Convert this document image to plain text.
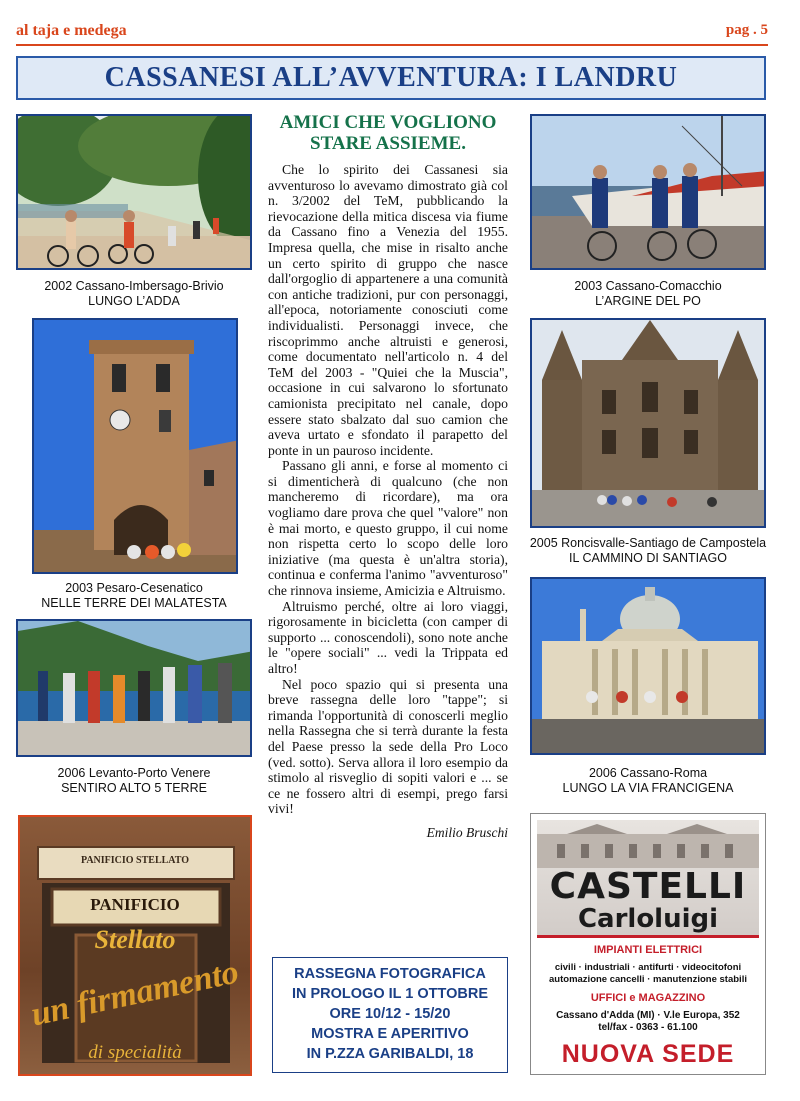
al taja e medega	pag . 5
CASSANESI ALL’AVVENTURA: I LANDRU
2002 Cassano-Imbersago-Brivio
LUNGO L’ADDA
2003 Pesaro-Cesenatico
NELLE TERRE DEI MALATESTA
2006 Levanto-Porto Venere
SENTIRO ALTO 5 TERRE
PANIFICIO STELLATO
PANIFICIO
Stellato
un firmamento
di specialità
AMICI CHE VOGLIONO
STARE ASSIEME.

Che lo spirito dei Cassanesi sia avventuroso lo avevamo dimostrato già col n. 3/2002 del TeM, pubblicando la rievocazione della mitica discesa via fiume da Cassano fino a Venezia del 1955. Impresa quella, che mise in risalto anche un certo spirito di gruppo che nasce dall'orgoglio di appartenere a una comunità con antiche tradizioni, pur con personaggi, all'epoca, notoriamente conosciuti come individualisti. Personaggi invece, che riscoprimmo anche altruisti e generosi, come documentato nell'articolo n. 4 del TeM del 2003 - "Quiei che la Muscia", occasione in cui salvarono lo sfortunato camionista precipitato nel canale, dopo essere stato sbalzato dal suo camion che aveva urtato e sfondato il parapetto del ponte in un pauroso incidente.

Passano gli anni, e forse al momento ci si dimenticherà di qualcuno (che non mancheremo di ricordare), ma ora vogliamo dare prova che quel "valore" non è mai morto, e questo gruppo, il cui nome non rispetta certo lo scopo delle loro iniziative (ma questa è un'altra storia), continua e conferma l'animo "avventuroso" che rinnova insieme, Amicizia e Altruismo.

Altruismo perché, oltre ai loro viaggi, rigorosamente in bicicletta (con camper di supporto ... conoscendoli), sono note anche le "opere sociali" ... vedi la Trippata ed altro!

Nel poco spazio qui si presenta una breve rassegna delle loro "tappe"; si rimanda l'opportunità di conoscerli meglio nella Rassegna che si terrà durante la festa del Paese presso la sede della Pro Loco (ved. sotto). Serva allora il loro esempio da stimolo al risveglio di sopiti valori e ... se ce ne fossero altri di esempi, prego farsi vivi!

Emilio Bruschi
RASSEGNA FOTOGRAFICA
IN PROLOGO IL 1 OTTOBRE
ORE 10/12 - 15/20
MOSTRA E APERITIVO
IN P.ZZA GARIBALDI, 18
2003 Cassano-Comacchio
L’ARGINE DEL PO
2005 Roncisvalle-Santiago de Campostela
IL CAMMINO DI SANTIAGO
2006 Cassano-Roma
LUNGO LA VIA FRANCIGENA
CASTELLI
Carloluigi
IMPIANTI ELETTRICI
civili · industriali · antifurti · videocitofoni
automazione cancelli · manutenzione stabili
UFFICI e MAGAZZINO
Cassano d'Adda (MI) · V.le Europa, 352
tel/fax - 0363 - 61.100
NUOVA SEDE
